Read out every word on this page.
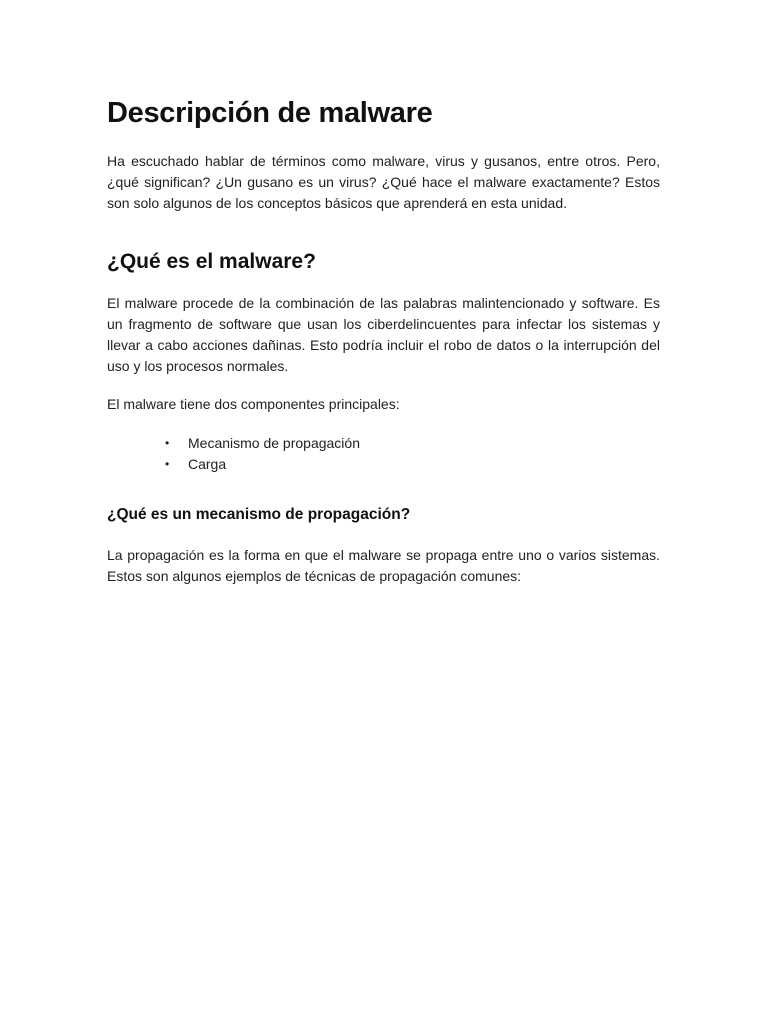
Descripción de malware

Ha escuchado hablar de términos como malware, virus y gusanos, entre otros. Pero, ¿qué significan? ¿Un gusano es un virus? ¿Qué hace el malware exactamente? Estos son solo algunos de los conceptos básicos que aprenderá en esta unidad.

¿Qué es el malware?

El malware procede de la combinación de las palabras malintencionado y software. Es un fragmento de software que usan los ciberdelincuentes para infectar los sistemas y llevar a cabo acciones dañinas. Esto podría incluir el robo de datos o la interrupción del uso y los procesos normales.

El malware tiene dos componentes principales:

• Mecanismo de propagación
• Carga
¿Qué es un mecanismo de propagación?

La propagación es la forma en que el malware se propaga entre uno o varios sistemas. Estos son algunos ejemplos de técnicas de propagación comunes:
